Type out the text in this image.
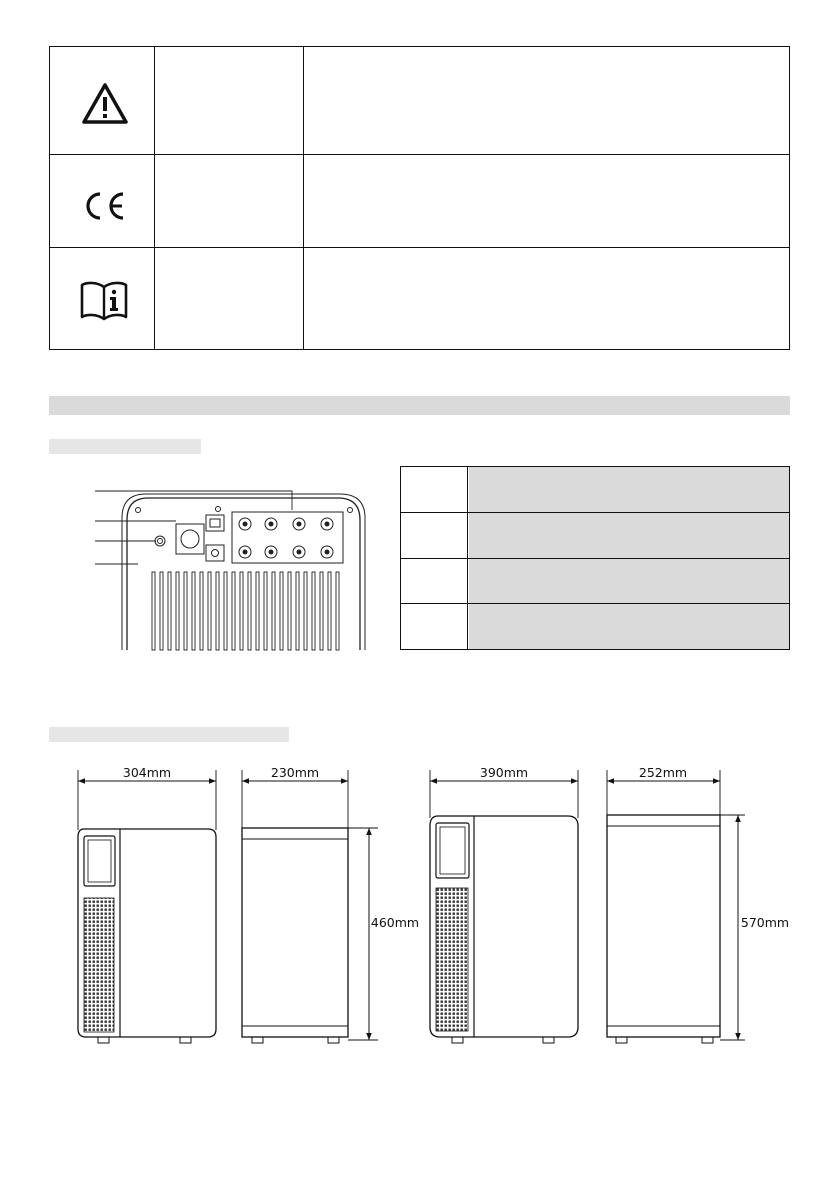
304mm	230mm
460mm
390mm	252mm
570mm
